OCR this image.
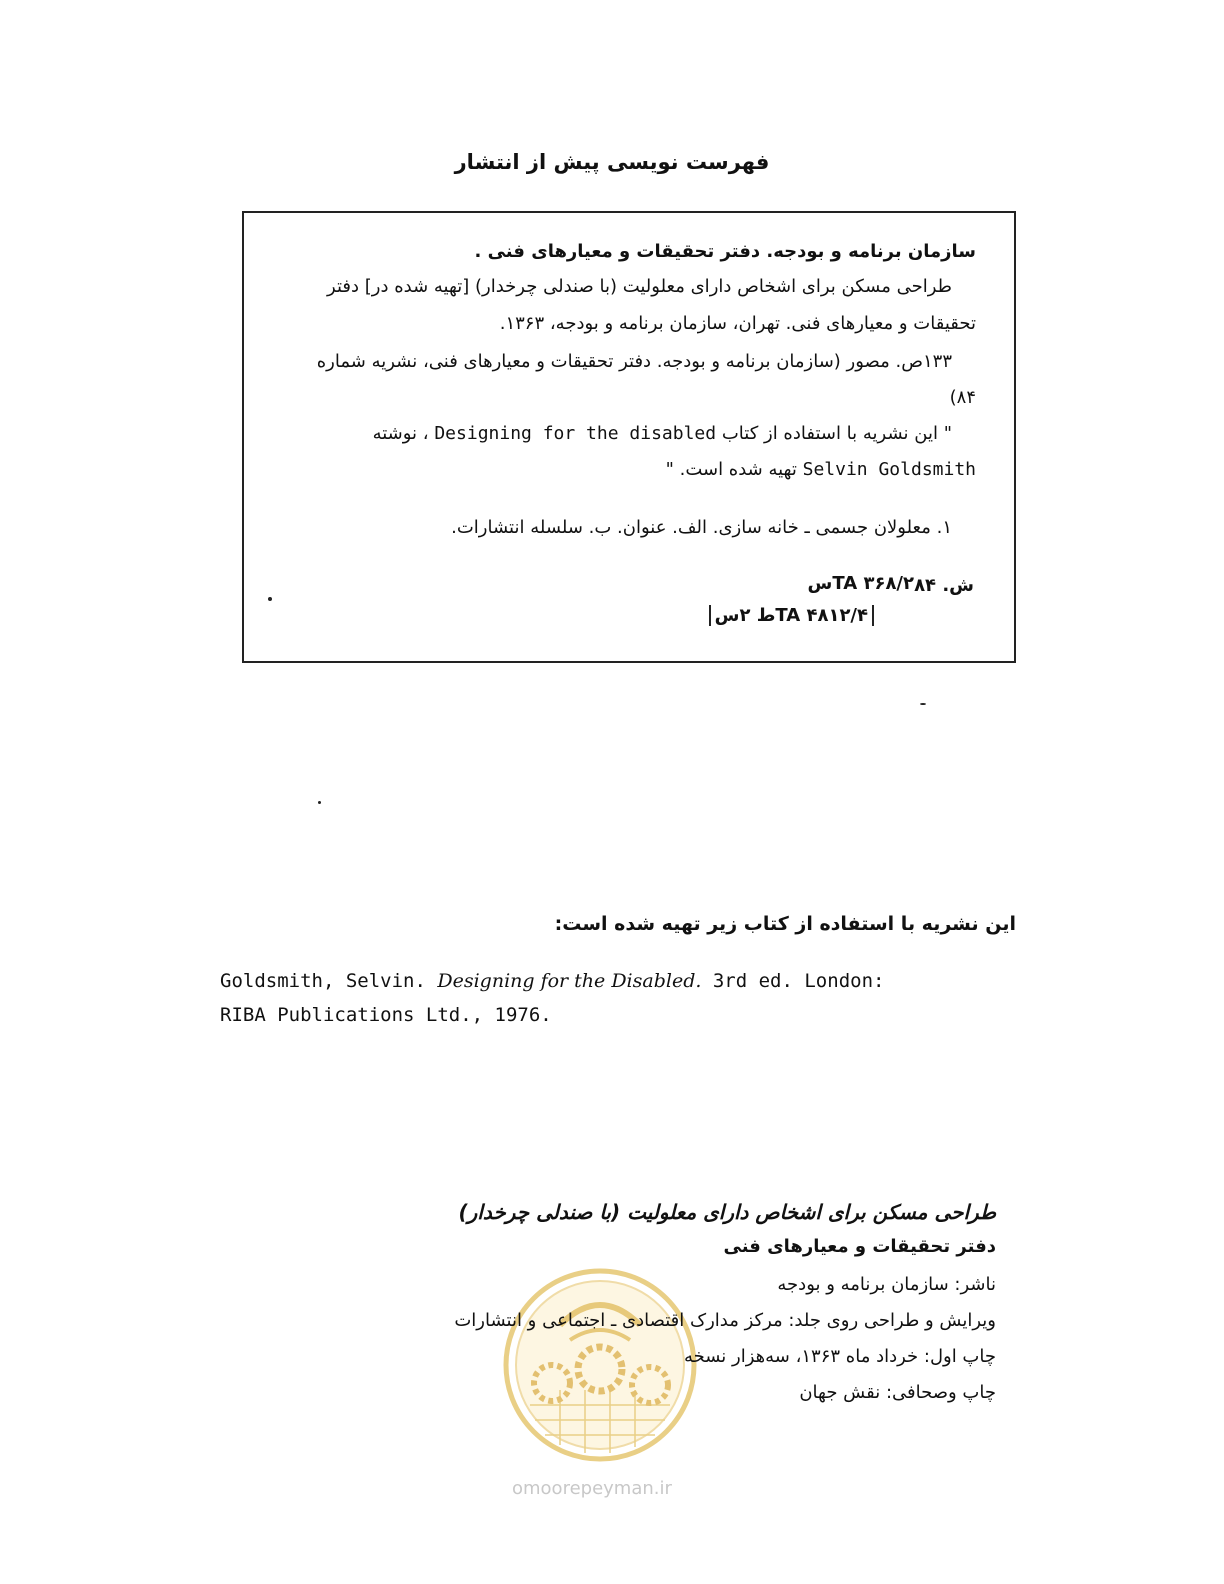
فهرست نویسی پیش از انتشار
سازمان برنامه و بودجه. دفتر تحقیقات و معیارهای فنی .
طراحی مسکن برای اشخاص دارای معلولیت (با صندلی چرخدار) [تهیه شده در] دفتر
تحقیقات و معیارهای فنی. تهران، سازمان برنامه و بودجه، ۱۳۶۳.
۱۳۳ص. مصور (سازمان برنامه و بودجه. دفتر تحقیقات و معیارهای فنی، نشریه شماره
۸۴)
" این نشریه با استفاده از کتاب Designing for the disabled ، نوشته
Selvin Goldsmith تهیه شده است. "
۱. معلولان جسمی ـ خانه سازی. الف. عنوان. ب. سلسله انتشارات.
ش. ۸۴
TA ۳۶۸/۲س
TA ۴۸۱۲/۴ط ۲س
این نشریه با استفاده از کتاب زیر تهیه شده است:
Goldsmith, Selvin. Designing for the Disabled. 3rd ed. London:
RIBA Publications Ltd., 1976.
omoorepeyman.ir
طراحی مسکن برای اشخاص دارای معلولیت (با صندلی چرخدار)
دفتر تحقیقات و معیارهای فنی
ناشر: سازمان برنامه و بودجه
ویرایش و طراحی روی جلد: مرکز مدارک اقتصادی ـ اجتماعی و انتشارات
چاپ اول: خرداد ماه ۱۳۶۳، سه‌هزار نسخه
چاپ وصحافی: نقش جهان
